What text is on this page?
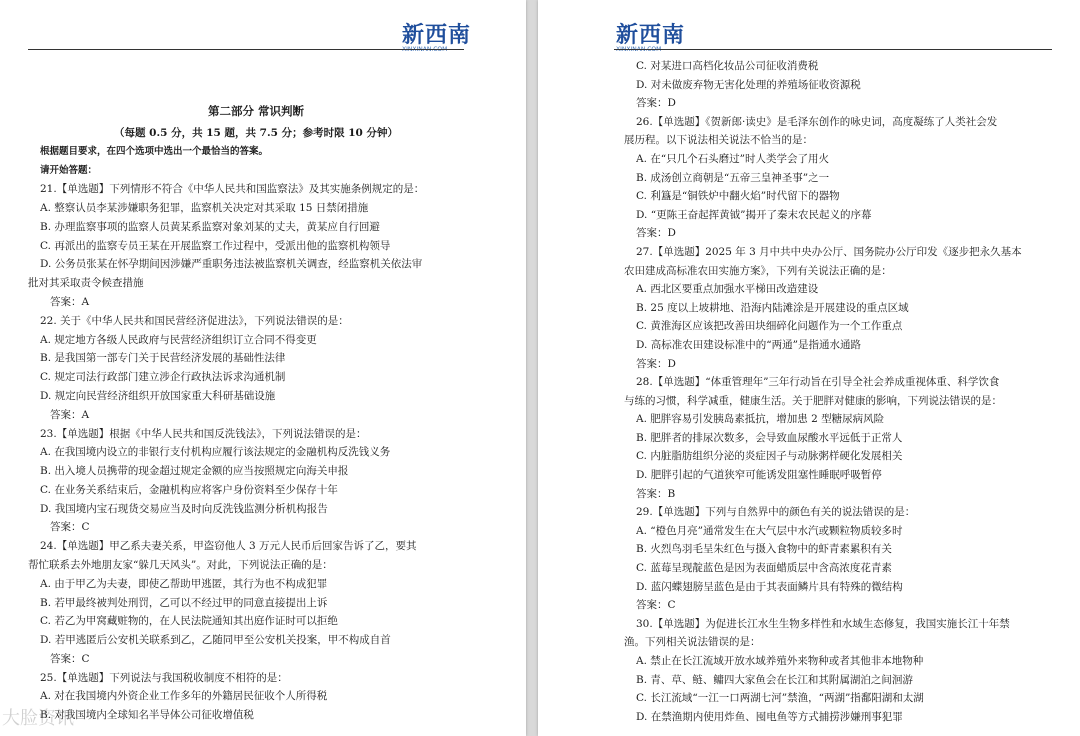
新西南
XINXINAN.COM
第二部分 常识判断
（每题 0.5 分，共 15 题，共 7.5 分；参考时限 10 分钟）
根据题目要求，在四个选项中选出一个最恰当的答案。
请开始答题：
21.【单选题】下列情形不符合《中华人民共和国监察法》及其实施条例规定的是：
A. 整察认员李某涉嫌职务犯罪，监察机关决定对其采取 15 日禁闭措施
B. 办理监察事项的监察人员黄某系监察对象刘某的丈夫，黄某应自行回避
C. 再派出的监察专员王某在开展监察工作过程中，受派出他的监察机构领导
D. 公务员张某在怀孕期间因涉嫌严重职务违法被监察机关调查，经监察机关依法审
批对其采取责令候查措施
答案：A
22. 关于《中华人民共和国民营经济促进法》，下列说法错误的是：
A. 规定地方各级人民政府与民营经济组织订立合同不得变更
B. 是我国第一部专门关于民营经济发展的基础性法律
C. 规定司法行政部门建立涉企行政执法诉求沟通机制
D. 规定向民营经济组织开放国家重大科研基础设施
答案：A
23.【单选题】根据《中华人民共和国反洗钱法》，下列说法错误的是：
A. 在我国境内设立的非银行支付机构应履行该法规定的金融机构反洗钱义务
B. 出入境人员携带的现金超过规定金额的应当按照规定向海关申报
C. 在业务关系结束后，金融机构应将客户身份资料至少保存十年
D. 我国境内宝石现货交易应当及时向反洗钱监测分析机构报告
答案：C
24.【单选题】甲乙系夫妻关系，甲盗窃他人 3 万元人民币后回家告诉了乙，要其
帮忙联系去外地朋友家“躲几天风头”。对此，下列说法正确的是：
A. 由于甲乙为夫妻，即使乙帮助甲逃匿，其行为也不构成犯罪
B. 若甲最终被判处刑罚，乙可以不经过甲的同意直接提出上诉
C. 若乙为甲窝藏赃物的，在人民法院通知其出庭作证时可以拒绝
D. 若甲逃匿后公安机关联系到乙，乙随同甲至公安机关投案，甲不构成自首
答案：C
25.【单选题】下列说法与我国税收制度不相符的是：
A. 对在我国境内外资企业工作多年的外籍居民征收个人所得税
B. 对我国境内全球知名半导体公司征收增值税
大脸资讯
新西南
XINXINAN.COM
C. 对某进口高档化妆品公司征收消费税
D. 对未做废弃物无害化处理的养殖场征收资源税
答案：D
26.【单选题】《贺新郎·读史》是毛泽东创作的咏史词，高度凝练了人类社会发
展历程。以下说法相关说法不恰当的是：
A. 在“只几个石头磨过”时人类学会了用火
B. 成汤创立商朝是“五帝三皇神圣事”之一
C. 利簋是“铜铁炉中翻火焰”时代留下的器物
D. “更陈王奋起挥黄钺”揭开了秦末农民起义的序幕
答案：D
27.【单选题】2025 年 3 月中共中央办公厅、国务院办公厅印发《逐步把永久基本
农田建成高标准农田实施方案》，下列有关说法正确的是：
A. 西北区要重点加强水平梯田改造建设
B. 25 度以上坡耕地、沿海内陆滩涂是开展建设的重点区域
C. 黄淮海区应该把改善田块细碎化问题作为一个工作重点
D. 高标准农田建设标准中的“两通”是指通水通路
答案：D
28.【单选题】“体重管理年”三年行动旨在引导全社会养成重视体重、科学饮食
与练的习惯，科学减重，健康生活。关于肥胖对健康的影响，下列说法错误的是：
A. 肥胖容易引发胰岛素抵抗，增加患 2 型糖尿病风险
B. 肥胖者的排尿次数多，会导致血尿酸水平远低于正常人
C. 内脏脂肪组织分泌的炎症因子与动脉粥样硬化发展相关
D. 肥胖引起的气道狭窄可能诱发阻塞性睡眠呼吸暂停
答案：B
29.【单选题】下列与自然界中的颜色有关的说法错误的是：
A. “橙色月亮”通常发生在大气层中水汽或颗粒物质较多时
B. 火烈鸟羽毛呈朱红色与摄入食物中的虾青素累积有关
C. 蓝莓呈现靛蓝色是因为表面蜡质层中含高浓度花青素
D. 蓝闪蝶翅膀呈蓝色是由于其表面鳞片具有特殊的微结构
答案：C
30.【单选题】为促进长江水生生物多样性和水域生态修复，我国实施长江十年禁
渔。下列相关说法错误的是：
A. 禁止在长江流域开放水域养殖外来物种或者其他非本地物种
B. 青、草、鲢、鳙四大家鱼会在长江和其附属湖泊之间洄游
C. 长江流域“一江一口两湖七河”禁渔，“两湖”指鄱阳湖和太湖
D. 在禁渔期内使用炸鱼、囤电鱼等方式捕捞涉嫌刑事犯罪
